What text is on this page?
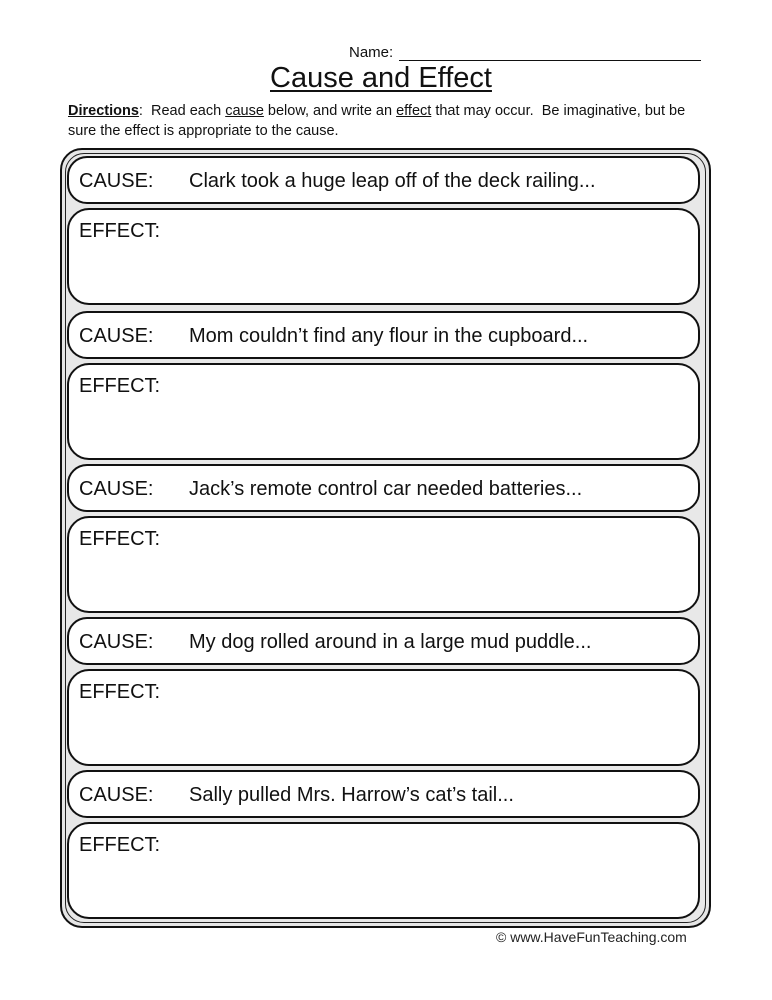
Name:
Cause and Effect
Directions:  Read each cause below, and write an effect that may occur.  Be imaginative, but be sure the effect is appropriate to the cause.
CAUSE: Clark took a huge leap off of the deck railing...
EFFECT:
CAUSE: Mom couldn’t find any flour in the cupboard...
EFFECT:
CAUSE: Jack’s remote control car needed batteries...
EFFECT:
CAUSE: My dog rolled around in a large mud puddle...
EFFECT:
CAUSE: Sally pulled Mrs. Harrow’s cat’s tail...
EFFECT:
© www.HaveFunTeaching.com
